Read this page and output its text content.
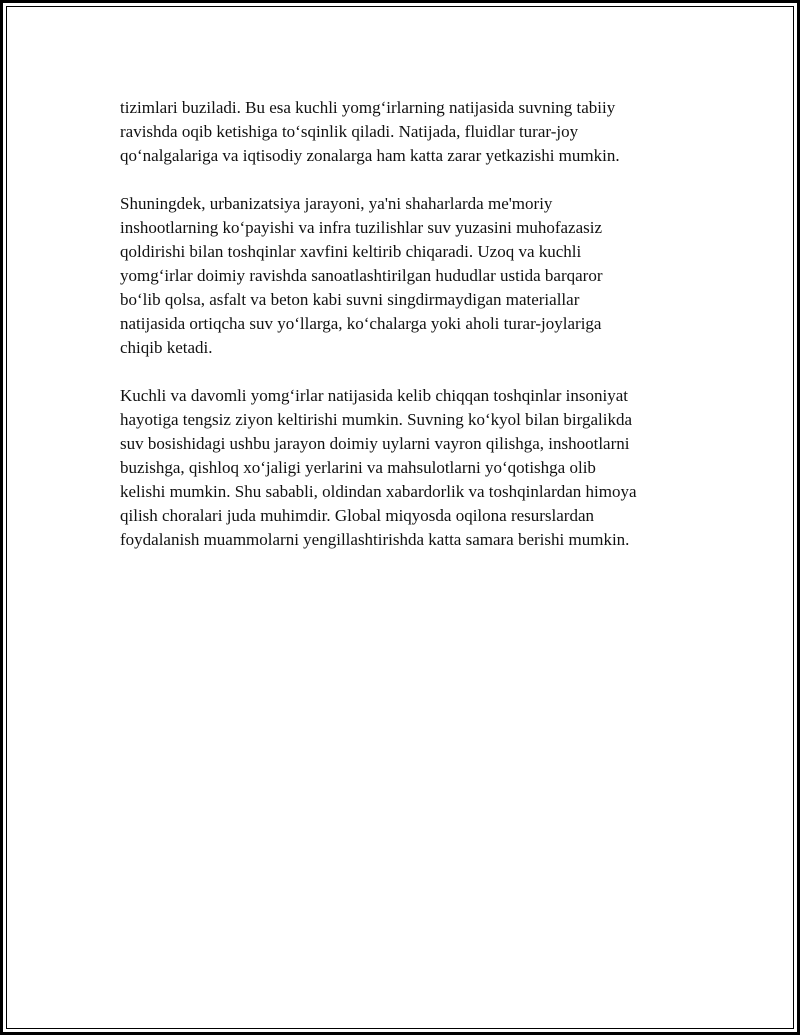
tizimlari buziladi. Bu esa kuchli yomg‘irlarning natijasida suvning tabiiy
ravishda oqib ketishiga to‘sqinlik qiladi. Natijada, fluidlar turar-joy
qo‘nalgalariga va iqtisodiy zonalarga ham katta zarar yetkazishi mumkin.

Shuningdek, urbanizatsiya jarayoni, ya'ni shaharlarda me'moriy
inshootlarning ko‘payishi va infra tuzilishlar suv yuzasini muhofazasiz
qoldirishi bilan toshqinlar xavfini keltirib chiqaradi. Uzoq va kuchli
yomg‘irlar doimiy ravishda sanoatlashtirilgan hududlar ustida barqaror
bo‘lib qolsa, asfalt va beton kabi suvni singdirmaydigan materiallar
natijasida ortiqcha suv yo‘llarga, ko‘chalarga yoki aholi turar-joylariga
chiqib ketadi.

Kuchli va davomli yomg‘irlar natijasida kelib chiqqan toshqinlar insoniyat
hayotiga tengsiz ziyon keltirishi mumkin. Suvning ko‘kyol bilan birgalikda
suv bosishidagi ushbu jarayon doimiy uylarni vayron qilishga, inshootlarni
buzishga, qishloq xo‘jaligi yerlarini va mahsulotlarni yo‘qotishga olib
kelishi mumkin. Shu sababli, oldindan xabardorlik va toshqinlardan himoya
qilish choralari juda muhimdir. Global miqyosda oqilona resurslardan
foydalanish muammolarni yengillashtirishda katta samara berishi mumkin.
